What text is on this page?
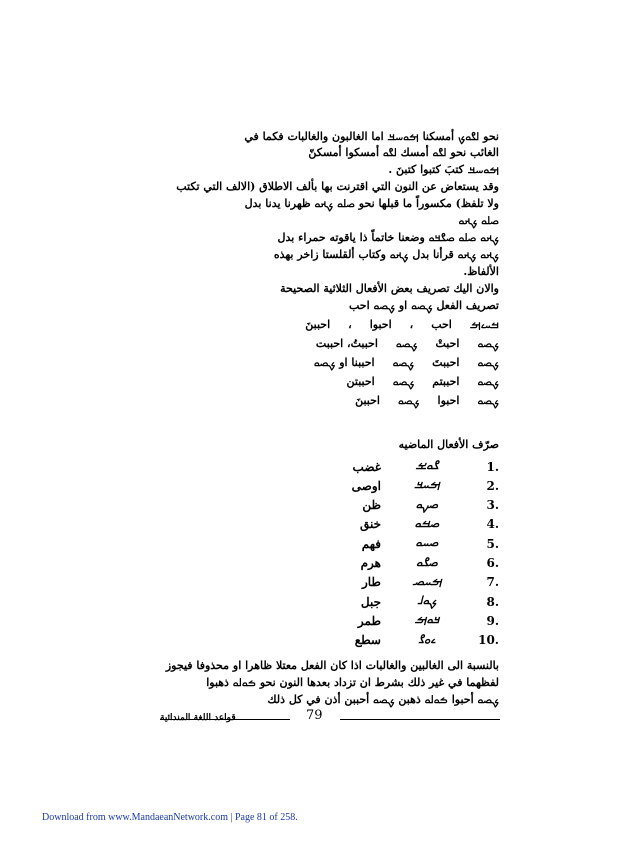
نحو ࡋࡂࡀࡊ أمسكنا ࡌࡀࡄࡃ اما الغالبون والغالبات فكما في
الغائب نحو ࡋࡂࡀ أمسك ࡋࡂࡀ أمسكوا أمسكنّ
ࡌࡀࡄࡃ كتبَ كتبوا كتبنَ .
وقد يستعاض عن النون التي اقترنت بها بألف الاطلاق (الالف التي تكتب
ولا تلفظ) مكسوراً ما قبلها نحو ࡎࡋࡀ ࡊࡕࡀ ظهرنا يدنا بدل
ࡎࡋࡀ ࡊࡕࡀ
ࡊࡕࡀ ࡎࡋࡀ ࡎࡂࡃࡀ وضعنا خاتماً ذا ياقوته حمراء بدل
ࡊࡕࡀ ࡊࡕࡀ قرأنا بدل ࡊࡕࡀ وكتاب ألقلستا زاخر بهذه
الألفاظ.
والان اليك تصريف بعض الأفعال الثلاثية الصحيحة
تصريف الفعل ࡊࡎࡀ او ࡊࡎࡀ احب
ࡓࡄࡉࡌ
احب
،
احبوا
،
احببنَ
ࡊࡎࡀ
احبتْ
ࡊࡎࡀ
احببتُ، احببت
ࡊࡎࡀ
احببتَ
ࡊࡎࡀ
احببنا او ࡊࡎࡀ
ࡊࡎࡀ
احببتم
ࡊࡎࡀ
احببتن
ࡊࡎࡀ
احبوا
ࡊࡎࡀ
احببنَ
صرّف الأفعال الماضيه
1.
ࡂࡀࡁ
غضب
2.
ࡌࡄࡃ
اوصى
3.
ࡎࡍࡀ
ظن
4.
ࡎࡓࡀ
خنق
5.
ࡎࡄࡀ
فهم
6.
ࡎࡂࡀ
هرم
7.
ࡌࡄࡎ
طار
8.
ࡊࡀࡋ
جبل
9.
ࡃࡀࡌ
طمر
10.
ࡉࡀࡂ
سطع
بالنسبة الى الغالبين والغالبات اذا كان الفعل معتلا ظاهرا او محذوفا فيجوز
لفظهما في غير ذلك بشرط ان تزداد بعدها النون نحو ࡏࡀࡋࡀ ذهبوا
ࡊࡎࡀ أحبوا ࡏࡀࡋࡀ ذهبن ࡊࡎࡀ أحببن أذن في كل ذلك
79
قواعد اللغة المندائية
Download from www.MandaeanNetwork.com | Page 81 of 258.
